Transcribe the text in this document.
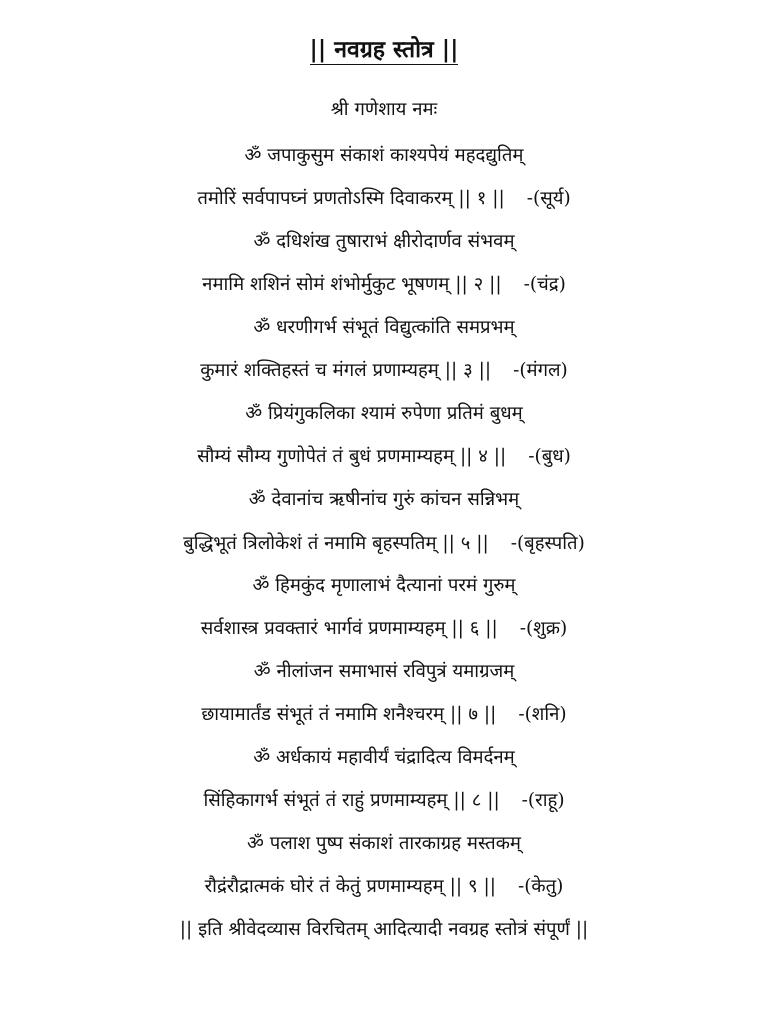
|| नवग्रह स्तोत्र ||
श्री गणेशाय नमः
ॐ जपाकुसुम संकाशं काश्यपेयं महदद्युतिम्
तमोरिं सर्वपापघ्नं प्रणतोऽस्मि दिवाकरम् || १ || -(सूर्य)
ॐ दधिशंख तुषाराभं क्षीरोदार्णव संभवम्
नमामि शशिनं सोमं शंभोर्मुकुट भूषणम् || २ || -(चंद्र)
ॐ धरणीगर्भ संभूतं विद्युत्कांति समप्रभम्
कुमारं शक्तिहस्तं च मंगलं प्रणाम्यहम् || ३ || -(मंगल)
ॐ प्रियंगुकलिका श्यामं रुपेणा प्रतिमं बुधम्
सौम्यं सौम्य गुणोपेतं तं बुधं प्रणमाम्यहम् || ४ || -(बुध)
ॐ देवानांच ऋषीनांच गुरुं कांचन सन्निभम्
बुद्धिभूतं त्रिलोकेशं तं नमामि बृहस्पतिम् || ५ || -(बृहस्पति)
ॐ हिमकुंद मृणालाभं दैत्यानां परमं गुरुम्
सर्वशास्त्र प्रवक्तारं भार्गवं प्रणमाम्यहम् || ६ || -(शुक्र)
ॐ नीलांजन समाभासं रविपुत्रं यमाग्रजम्
छायामार्तंड संभूतं तं नमामि शनैश्चरम् || ७ || -(शनि)
ॐ अर्धकायं महावीर्यं चंद्रादित्य विमर्दनम्
सिंहिकागर्भ संभूतं तं राहुं प्रणमाम्यहम् || ८ || -(राहू)
ॐ पलाश पुष्प संकाशं तारकाग्रह मस्तकम्
रौद्रंरौद्रात्मकं घोरं तं केतुं प्रणमाम्यहम् || ९ || -(केतु)
|| इति श्रीवेदव्यास विरचितम् आदित्यादी नवग्रह स्तोत्रं संपूर्णं ||
